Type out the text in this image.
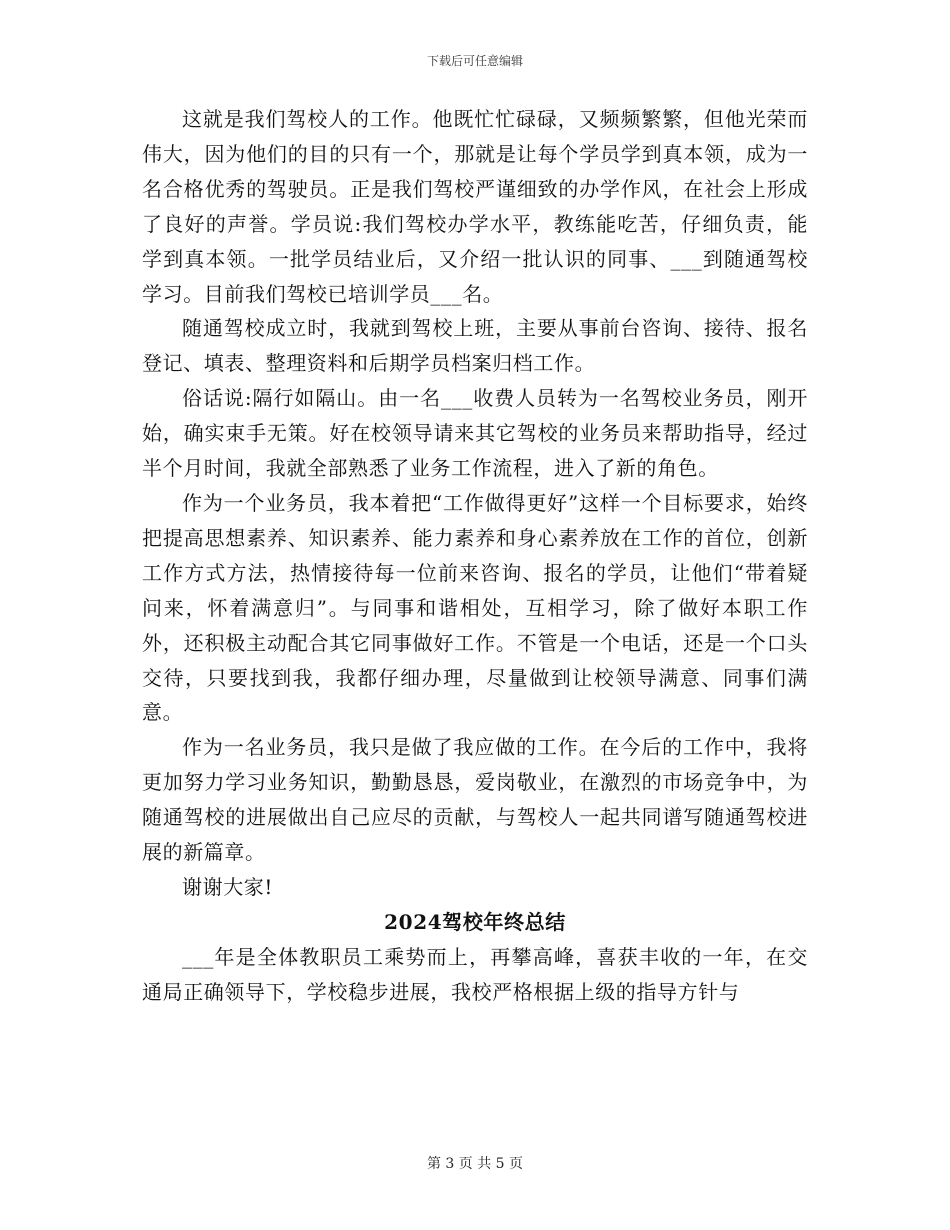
下载后可任意编辑

这就是我们驾校人的工作。他既忙忙碌碌，又频频繁繁，但他光荣而伟大，因为他们的目的只有一个，那就是让每个学员学到真本领，成为一名合格优秀的驾驶员。正是我们驾校严谨细致的办学作风，在社会上形成了良好的声誉。学员说:我们驾校办学水平，教练能吃苦，仔细负责，能学到真本领。一批学员结业后，又介绍一批认识的同事、___到随通驾校学习。目前我们驾校已培训学员___名。

随通驾校成立时，我就到驾校上班，主要从事前台咨询、接待、报名登记、填表、整理资料和后期学员档案归档工作。

俗话说:隔行如隔山。由一名___收费人员转为一名驾校业务员，刚开始，确实束手无策。好在校领导请来其它驾校的业务员来帮助指导，经过半个月时间，我就全部熟悉了业务工作流程，进入了新的角色。

作为一个业务员，我本着把“工作做得更好”这样一个目标要求，始终把提高思想素养、知识素养、能力素养和身心素养放在工作的首位，创新工作方式方法，热情接待每一位前来咨询、报名的学员，让他们“带着疑问来，怀着满意归”。与同事和谐相处，互相学习，除了做好本职工作外，还积极主动配合其它同事做好工作。不管是一个电话，还是一个口头交待，只要找到我，我都仔细办理，尽量做到让校领导满意、同事们满意。

作为一名业务员，我只是做了我应做的工作。在今后的工作中，我将更加努力学习业务知识，勤勤恳恳，爱岗敬业，在激烈的市场竞争中，为随通驾校的进展做出自己应尽的贡献，与驾校人一起共同谱写随通驾校进展的新篇章。

谢谢大家!

2024驾校年终总结

___年是全体教职员工乘势而上，再攀高峰，喜获丰收的一年，在交通局正确领导下，学校稳步进展，我校严格根据上级的指导方针与

第 3 页 共 5 页
